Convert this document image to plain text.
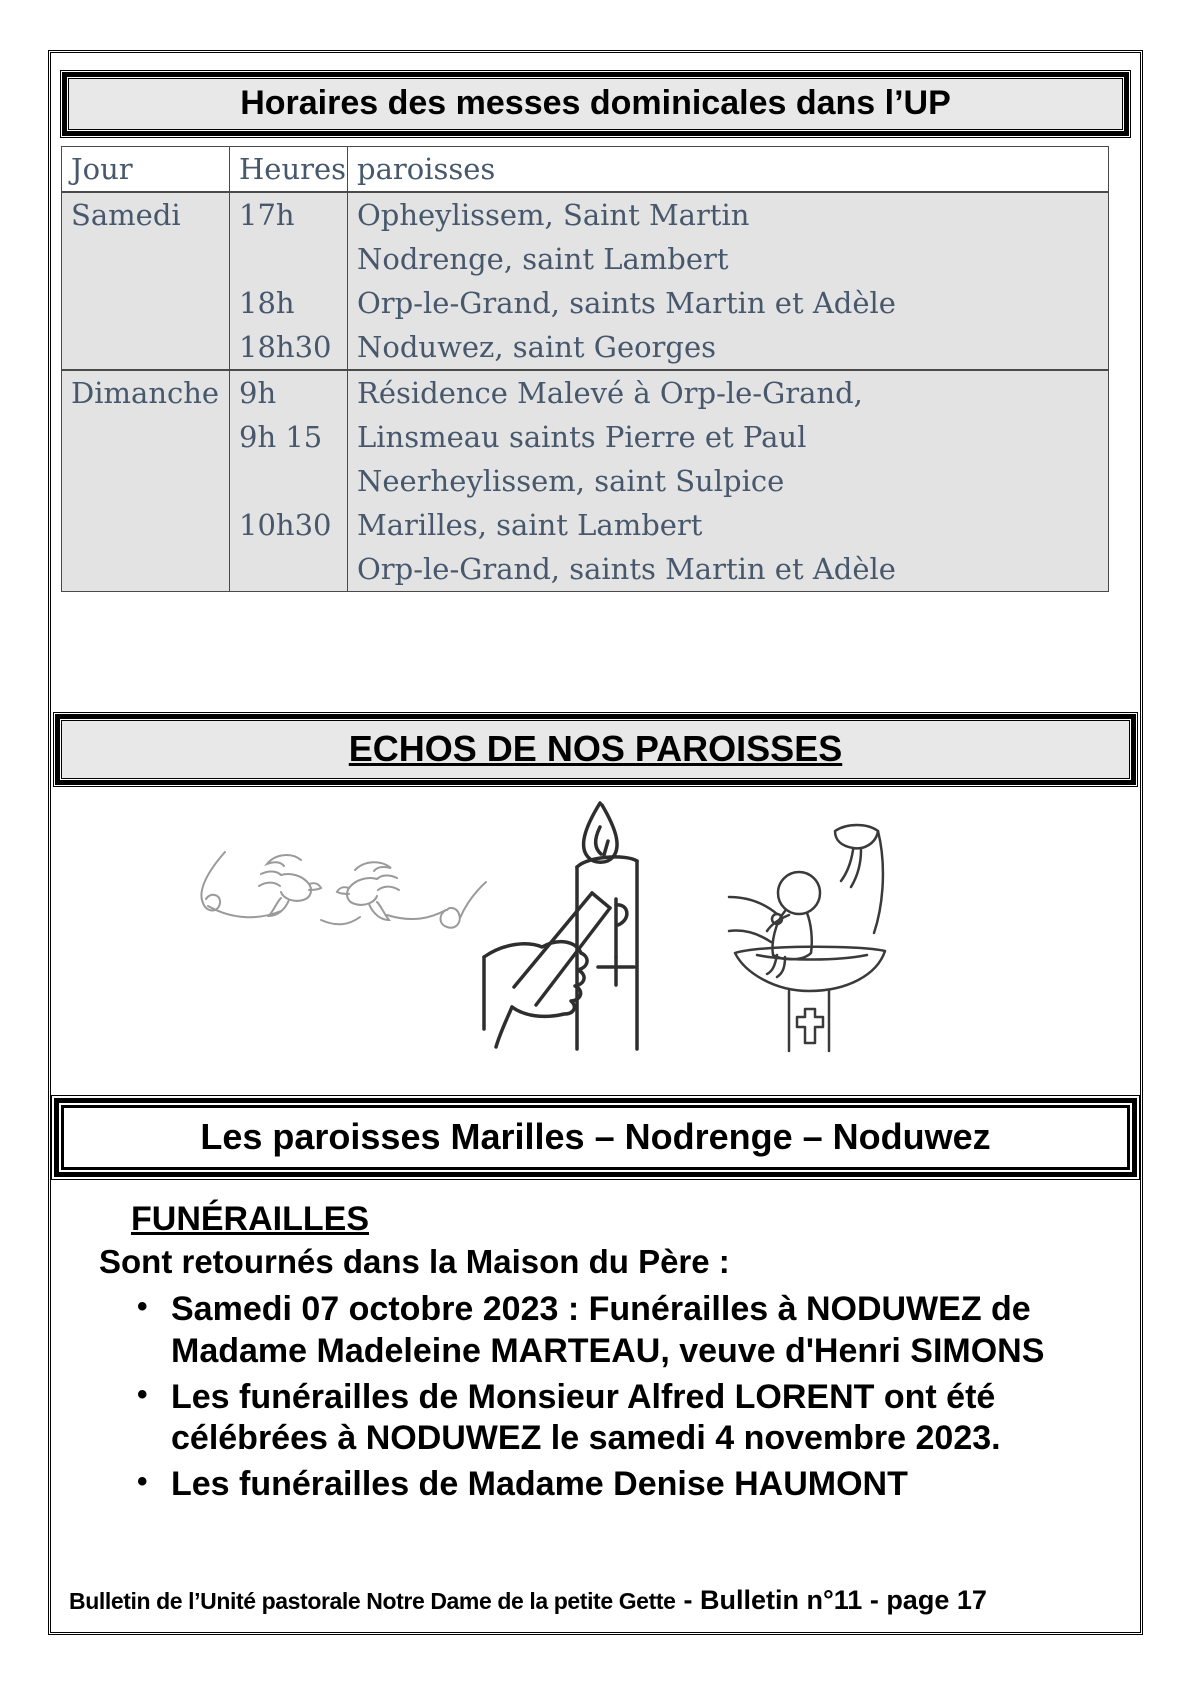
Horaires des messes dominicales dans l’UP
Jour	Heures	paroisses
Samedi	17h	Opheylissem, Saint Martin
		Nodrenge, saint Lambert
	18h	Orp-le-Grand, saints Martin et Adèle
	18h30	Noduwez, saint Georges
Dimanche	9h	Résidence Malevé à Orp-le-Grand,
	9h 15	Linsmeau saints Pierre et Paul
		Neerheylissem, saint Sulpice
	10h30	Marilles, saint Lambert
		Orp-le-Grand, saints Martin et Adèle
ECHOS DE NOS PAROISSES
Les paroisses Marilles – Nodrenge – Noduwez
FUNÉRAILLES
Sont retournés dans la Maison du Père :
• Samedi 07 octobre 2023 : Funérailles à NODUWEZ de Madame Madeleine MARTEAU, veuve d'Henri SIMONS
• Les funérailles de Monsieur Alfred LORENT ont été célébrées à NODUWEZ le samedi 4 novembre 2023.
• Les funérailles de Madame Denise HAUMONT
Bulletin de l’Unité pastorale Notre Dame de la petite Gette - Bulletin n°11 - page 17
